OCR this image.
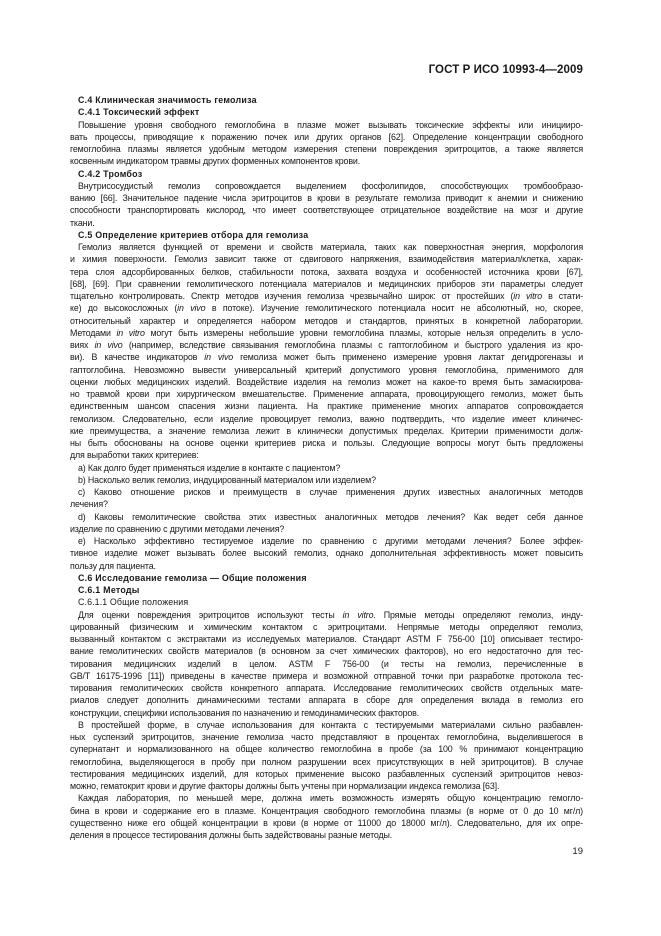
ГОСТ Р ИСО 10993-4—2009
С.4 Клиническая значимость гемолиза
С.4.1 Токсический эффект
Повышение уровня свободного гемоглобина в плазме может вызывать токсические эффекты или иницииро-
вать процессы, приводящие к поражению почек или других органов [62]. Определение концентрации свободного
гемоглобина плазмы является удобным методом измерения степени повреждения эритроцитов, а также является
косвенным индикатором травмы других форменных компонентов крови.
С.4.2 Тромбоз
Внутрисосудистый гемолиз сопровождается выделением фосфолипидов, способствующих тромбообразо-
ванию [66]. Значительное падение числа эритроцитов в крови в результате гемолиза приводит к анемии и снижению
способности транспортировать кислород, что имеет соответствующее отрицательное воздействие на мозг и другие
ткани.
С.5 Определение критериев отбора для гемолиза
Гемолиз является функцией от времени и свойств материала, таких как поверхностная энергия, морфология
и химия поверхности. Гемолиз зависит также от сдвигового напряжения, взаимодействия материал/клетка, харак-
тера слоя адсорбированных белков, стабильности потока, захвата воздуха и особенностей источника крови [67],
[68], [69]. При сравнении гемолитического потенциала материалов и медицинских приборов эти параметры следует
тщательно контролировать. Спектр методов изучения гемолиза чрезвычайно широк: от простейших (in vitro в стати-
ке) до высокосложных (in vivo в потоке). Изучение гемолитического потенциала носит не абсолютный, но, скорее,
относительный характер и определяется набором методов и стандартов, принятых в конкретной лаборатории.
Методами in vitro могут быть измерены небольшие уровни гемоглобина плазмы, которые нельзя определить в усло-
виях in vivo (например, вследствие связывания гемоглобина плазмы с гаптоглобином и быстрого удаления из кро-
ви). В качестве индикаторов in vivo гемолиза может быть применено измерение уровня лактат дегидрогеназы и
гаптоглобина. Невозможно вывести универсальный критерий допустимого уровня гемоглобина, применимого для
оценки любых медицинских изделий. Воздействие изделия на гемолиз может на какое-то время быть замаскирова-
но травмой крови при хирургическом вмешательстве. Применение аппарата, провоцирующего гемолиз, может быть
единственным шансом спасения жизни пациента. На практике применение многих аппаратов сопровождается
гемолизом. Следовательно, если изделие провоцирует гемолиз, важно подтвердить, что изделие имеет клиничес-
кие преимущества, а значение гемолиза лежит в клинически допустимых пределах. Критерии применимости долж-
ны быть обоснованы на основе оценки критериев риска и пользы. Следующие вопросы могут быть предложены
для выработки таких критериев:
a) Как долго будет применяться изделие в контакте с пациентом?
b) Насколько велик гемолиз, индуцированный материалом или изделием?
c) Каково отношение рисков и преимуществ в случае применения других известных аналогичных методов
лечения?
d) Каковы гемолитические свойства этих известных аналогичных методов лечения? Как ведет себя данное
изделие по сравнению с другими методами лечения?
e) Насколько эффективно тестируемое изделие по сравнению с другими методами лечения? Более эффек-
тивное изделие может вызывать более высокий гемолиз, однако дополнительная эффективность может повысить
пользу для пациента.
С.6 Исследование гемолиза — Общие положения
С.6.1 Методы
С.6.1.1 Общие положения
Для оценки повреждения эритроцитов используют тесты in vitro. Прямые методы определяют гемолиз, инду-
цированный физическим и химическим контактом с эритроцитами. Непрямые методы определяют гемолиз,
вызванный контактом с экстрактами из исследуемых материалов. Стандарт ASTM F 756-00 [10] описывает тестиро-
вание гемолитических свойств материалов (в основном за счет химических факторов), но его недостаточно для тес-
тирования медицинских изделий в целом. ASTM F 756-00 (и тесты на гемолиз, перечисленные в
GB/T 16175-1996 [11]) приведены в качестве примера и возможной отправной точки при разработке протокола тес-
тирования гемолитических свойств конкретного аппарата. Исследование гемолитических свойств отдельных мате-
риалов следует дополнить динамическими тестами аппарата в сборе для определения вклада в гемолиз его
конструкции, специфики использования по назначению и гемодинамических факторов.
В простейшей форме, в случае использования для контакта с тестируемыми материалами сильно разбавлен-
ных суспензий эритроцитов, значение гемолиза часто представляют в процентах гемоглобина, выделившегося в
супернатант и нормализованного на общее количество гемоглобина в пробе (за 100 % принимают концентрацию
гемоглобина, выделяющегося в пробу при полном разрушении всех присутствующих в ней эритроцитов). В случае
тестирования медицинских изделий, для которых применение высоко разбавленных суспензий эритроцитов невоз-
можно, гематокрит крови и другие факторы должны быть учтены при нормализации индекса гемолиза [63].
Каждая лаборатория, по меньшей мере, должна иметь возможность измерять общую концентрацию гемогло-
бина в крови и содержание его в плазме. Концентрация свободного гемоглобина плазмы (в норме от 0 до 10 мг/л)
существенно ниже его общей концентрации в крови (в норме от 11000 до 18000 мг/л). Следовательно, для их опре-
деления в процессе тестирования должны быть задействованы разные методы.
19
